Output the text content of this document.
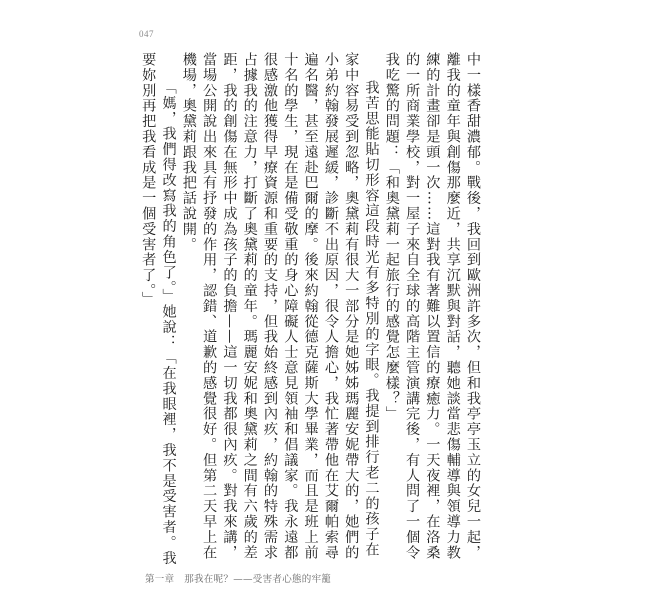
047

中一樣香甜濃郁。戰後，我回到歐洲許多次，但和我亭亭玉立的女兒一起，離我的童年與創傷那麼近，共享沉默與對話，聽她談當悲傷輔導與領導力教練的計畫卻是頭一次……這對我有著難以置信的療癒力。一天夜裡，在洛桑的一所商業學校，對一屋子來自全球的高階主管演講完後，有人問了一個令我吃驚的問題：「和奧黛莉一起旅行的感覺怎麼樣？」

我苦思能貼切形容這段時光有多特別的字眼。我提到排行老二的孩子在家中容易受到忽略，奧黛莉有很大一部分是她姊姊瑪麗安妮帶大的，她們的小弟約翰發展遲緩，診斷不出原因，很令人擔心，我忙著帶他在艾爾帕索尋遍名醫，甚至遠赴巴爾的摩。後來約翰從德克薩斯大學畢業，而且是班上前十名的學生，現在是備受敬重的身心障礙人士意見領袖和倡議家。我永遠都很感激他獲得早療資源和重要的支持，但我始終感到內疚，約翰的特殊需求占據我的注意力，打斷了奧黛莉的童年。瑪麗安妮和奧黛莉之間有六歲的差距，我的創傷在無形中成為孩子的負擔——這一切我都很內疚。對我來講，當場公開說出來具有抒發的作用，認錯、道歉的感覺很好。但第二天早上在機場，奧黛莉跟我把話說開。

「媽，我們得改寫我的角色了。」她說：「在我眼裡，我不是受害者。我要妳別再把我看成是一個受害者了。」

第一章　那我在呢？——受害者心態的牢籠
